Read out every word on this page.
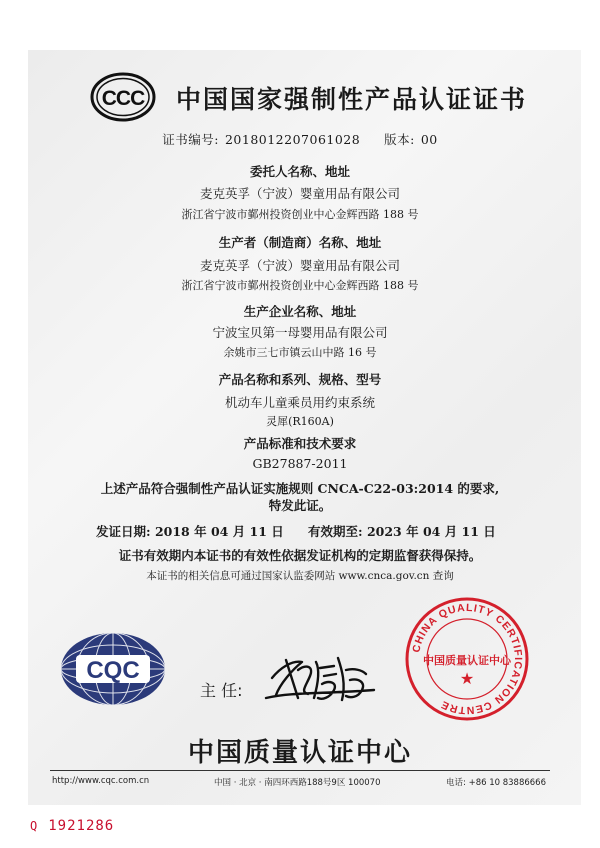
CCC 中国国家强制性产品认证证书
证书编号: 2018012207061028 版本: 00
委托人名称、地址
麦克英孚（宁波）婴童用品有限公司
浙江省宁波市鄞州投资创业中心金辉西路 188 号
生产者（制造商）名称、地址
麦克英孚（宁波）婴童用品有限公司
浙江省宁波市鄞州投资创业中心金辉西路 188 号
生产企业名称、地址
宁波宝贝第一母婴用品有限公司
余姚市三七市镇云山中路 16 号
产品名称和系列、规格、型号
机动车儿童乘员用约束系统
灵犀(R160A)
产品标准和技术要求
GB27887-2011
上述产品符合强制性产品认证实施规则 CNCA-C22-03:2014 的要求,
特发此证。
发证日期: 2018 年 04 月 11 日 有效期至: 2023 年 04 月 11 日
证书有效期内本证书的有效性依据发证机构的定期监督获得保持。
本证书的相关信息可通过国家认监委网站 www.cnca.gov.cn 查询
CQC
主 任:
CHINA QUALITY CERTIFICATION CENTRE
中国质量认证中心
★
中国质量认证中心
http://www.cqc.com.cn	中国 · 北京 · 南四环西路188号9区 100070	电话: +86 10 83886666
Q 1921286
